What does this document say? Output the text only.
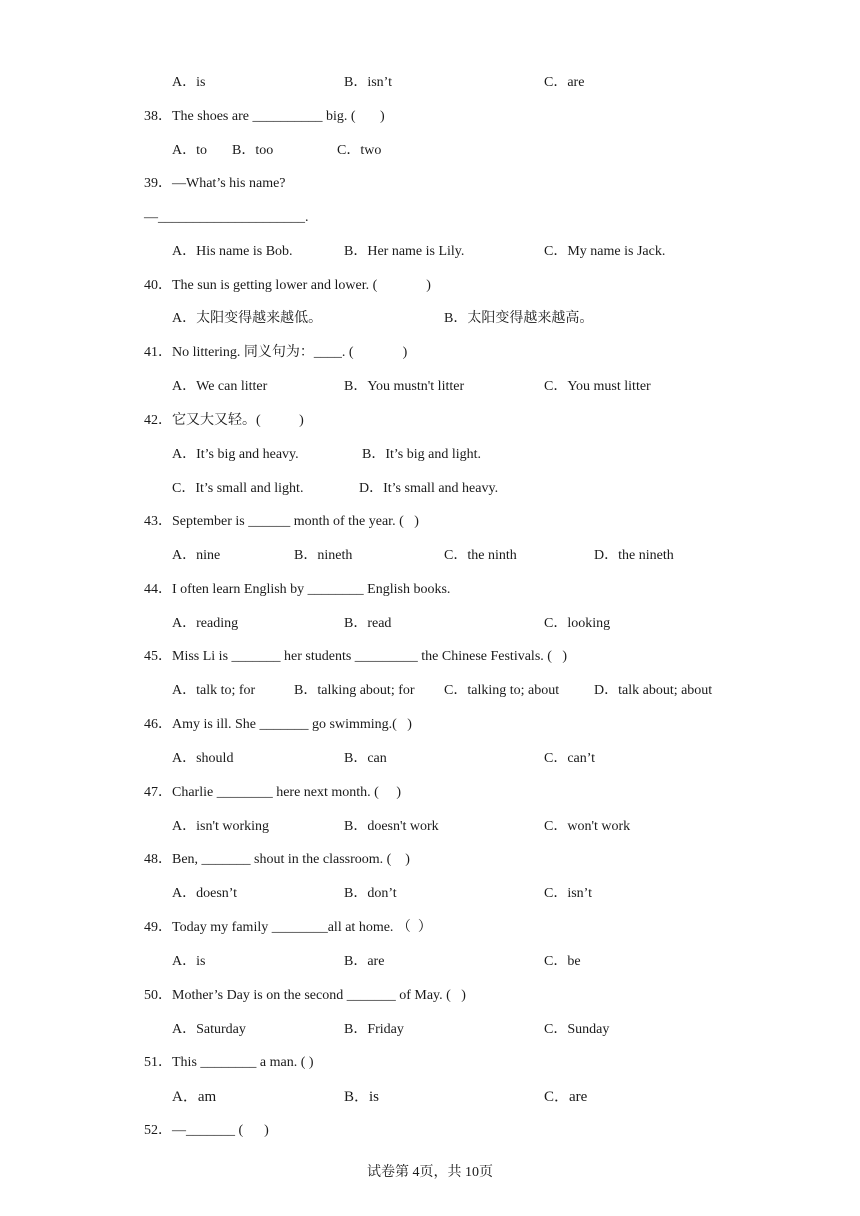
A．is	B．isn’t	C．are
38．The shoes are __________ big. (       )
A．to B．too	C．two
39．—What’s his name?
—_____________________.
A．His name is Bob.	B．Her name is Lily.	C．My name is Jack.
40．The sun is getting lower and lower. (              )
A．太阳变得越来越低。	B．太阳变得越来越高。
41．No littering. 同义句为：____. (              )
A．We can litter	B．You mustn't litter	C．You must litter
42．它又大又轻。(           )
A．It’s big and heavy.	B．It’s big and light.
C．It’s small and light.	D．It’s small and heavy.
43．September is ______ month of the year. (   )
A．nine	B．nineth	C．the ninth	D．the nineth
44．I often learn English by ________ English books.
A．reading	B．read	C．looking
45．Miss Li is _______ her students _________ the Chinese Festivals. (   )
A．talk to; for	B．talking about; for C．talking to; about D．talk about; about
46．Amy is ill. She _______ go swimming.(   )
A．should	B．can	C．can’t
47．Charlie ________ here next month. (     )
A．isn't working	B．doesn't work	C．won't work
48．Ben, _______ shout in the classroom. (    )
A．doesn’t	B．don’t	C．isn’t
49．Today my family ________all at home. （  ）
A．is	B．are	C．be
50．Mother’s Day is on the second _______ of May. (   )
A．Saturday	B．Friday	C．Sunday
51．This ________ a man. ( )
A．am	B．is	C．are
52．—_______ (      )
试卷第 4页，共 10页
